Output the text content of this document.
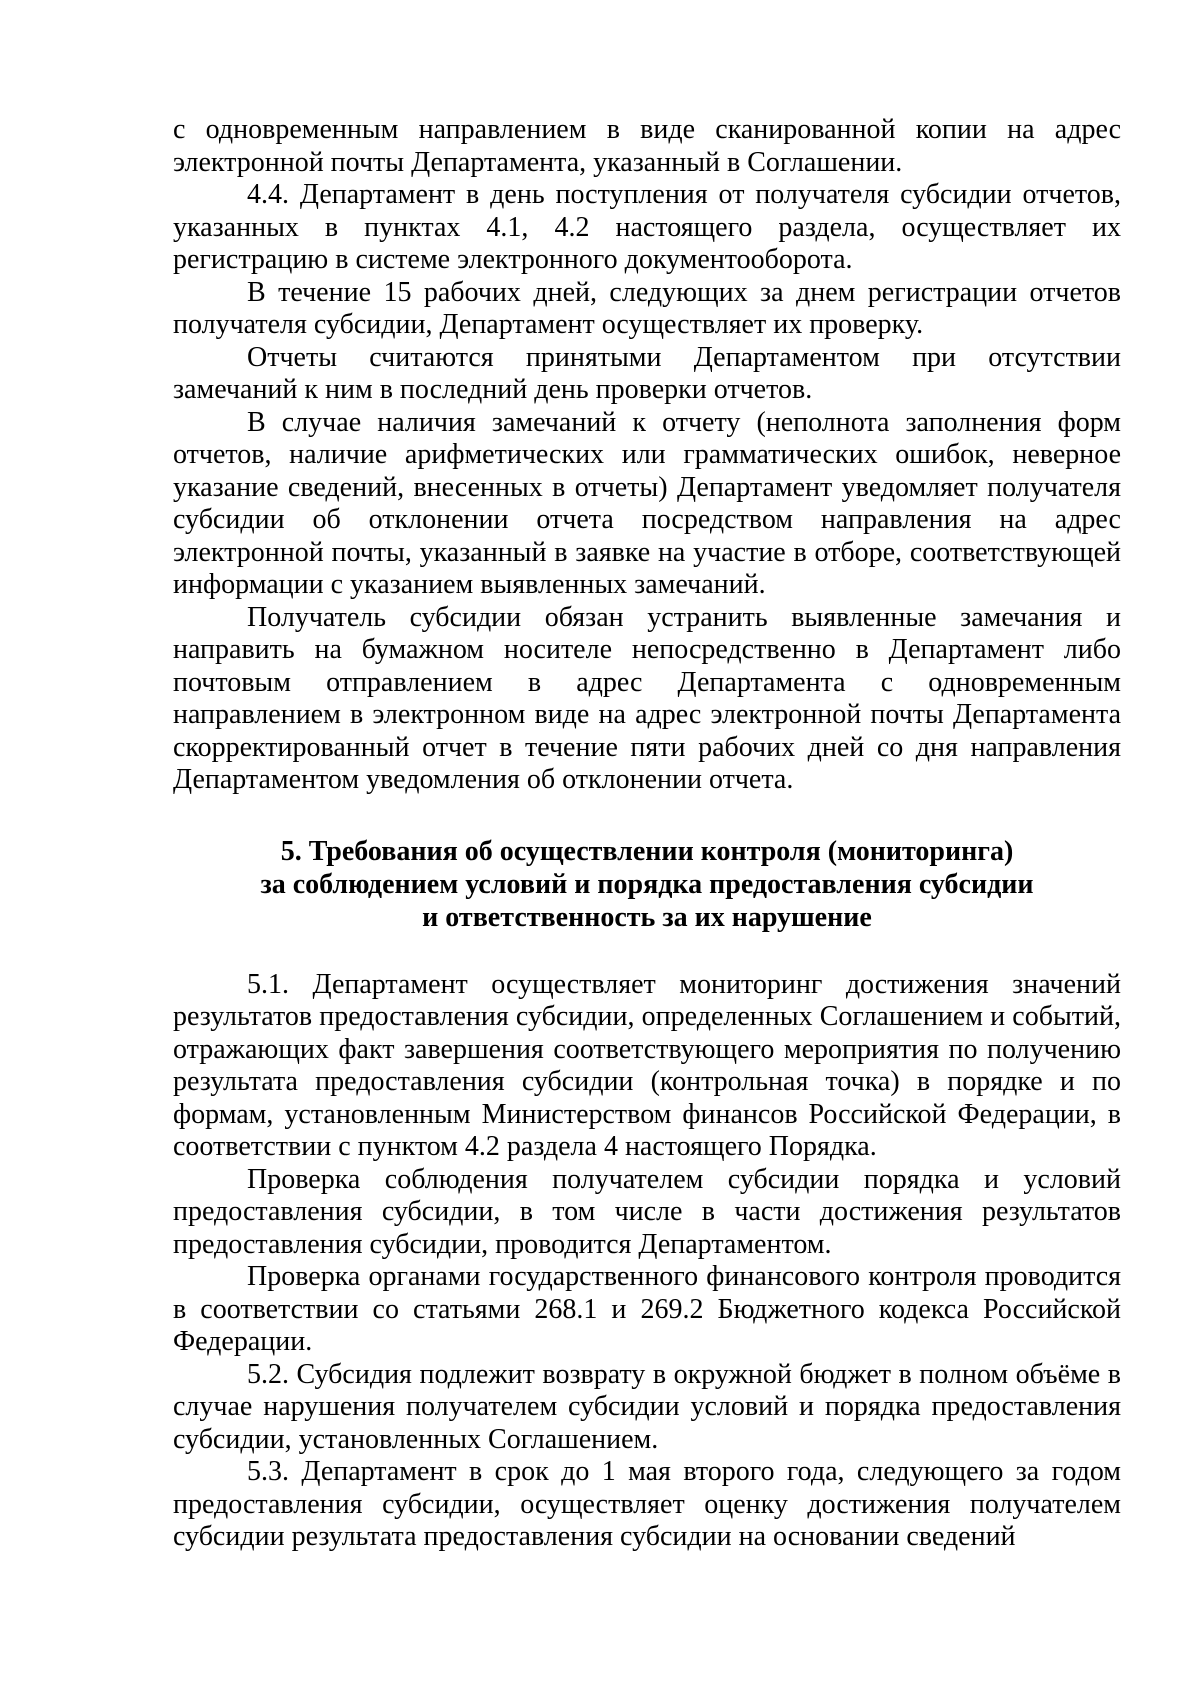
с одновременным направлением в виде сканированной копии на адрес электронной почты Департамента, указанный в Соглашении.

4.4. Департамент в день поступления от получателя субсидии отчетов, указанных в пунктах 4.1, 4.2 настоящего раздела, осуществляет их регистрацию в системе электронного документооборота.

В течение 15 рабочих дней, следующих за днем регистрации отчетов получателя субсидии, Департамент осуществляет их проверку.

Отчеты считаются принятыми Департаментом при отсутствии замечаний к ним в последний день проверки отчетов.

В случае наличия замечаний к отчету (неполнота заполнения форм отчетов, наличие арифметических или грамматических ошибок, неверное указание сведений, внесенных в отчеты) Департамент уведомляет получателя субсидии об отклонении отчета посредством направления на адрес электронной почты, указанный в заявке на участие в отборе, соответствующей информации с указанием выявленных замечаний.

Получатель субсидии обязан устранить выявленные замечания и направить на бумажном носителе непосредственно в Департамент либо почтовым отправлением в адрес Департамента с одновременным направлением в электронном виде на адрес электронной почты Департамента скорректированный отчет в течение пяти рабочих дней со дня направления Департаментом уведомления об отклонении отчета.

5. Требования об осуществлении контроля (мониторинга)
за соблюдением условий и порядка предоставления субсидии
и ответственность за их нарушение

5.1. Департамент осуществляет мониторинг достижения значений результатов предоставления субсидии, определенных Соглашением и событий, отражающих факт завершения соответствующего мероприятия по получению результата предоставления субсидии (контрольная точка) в порядке и по формам, установленным Министерством финансов Российской Федерации, в соответствии с пунктом 4.2 раздела 4 настоящего Порядка.

Проверка соблюдения получателем субсидии порядка и условий предоставления субсидии, в том числе в части достижения результатов предоставления субсидии, проводится Департаментом.

Проверка органами государственного финансового контроля проводится в соответствии со статьями 268.1 и 269.2 Бюджетного кодекса Российской Федерации.

5.2. Субсидия подлежит возврату в окружной бюджет в полном объёме в случае нарушения получателем субсидии условий и порядка предоставления субсидии, установленных Соглашением.

5.3. Департамент в срок до 1 мая второго года, следующего за годом предоставления субсидии, осуществляет оценку достижения получателем субсидии результата предоставления субсидии на основании сведений
